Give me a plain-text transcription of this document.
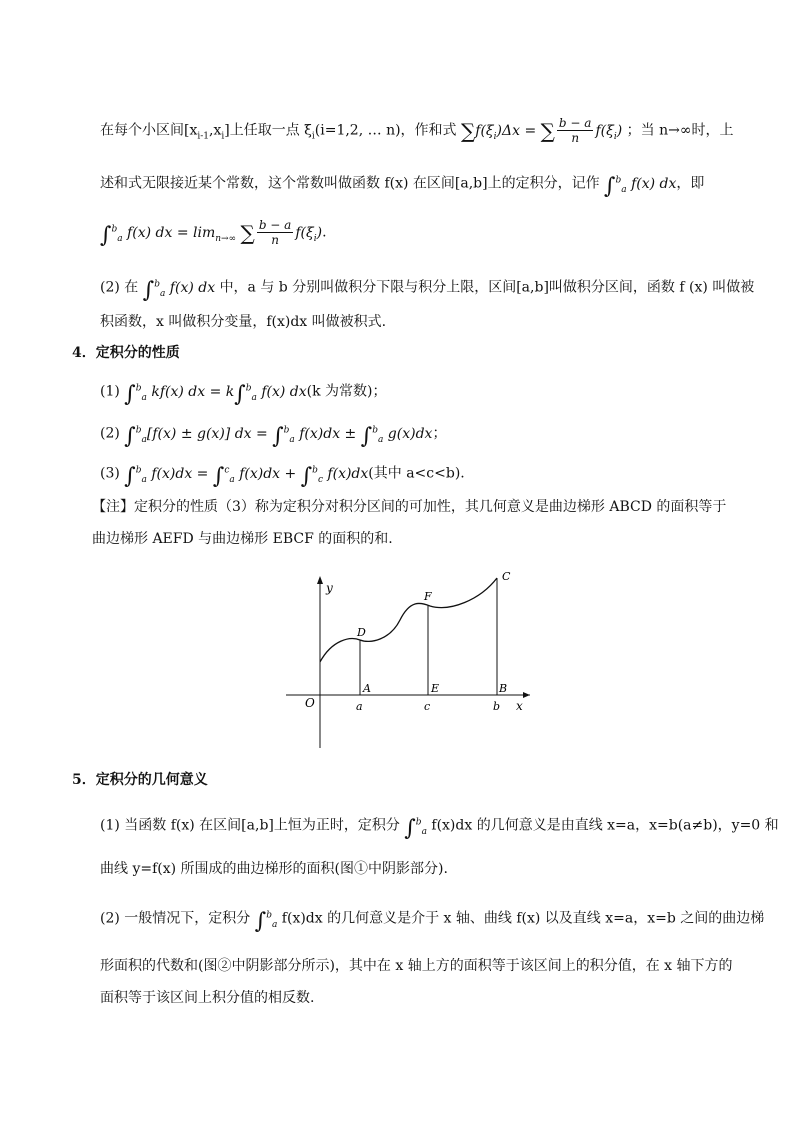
在每个小区间$[x_{i-1},x_i]$上任取一点 $\xi_i(i=1,2$, … n)，作和式 $\sum f(\xi_i)\Delta x$ = ∑ $\frac{b - a}{n} f(\xi_i)$ ；当 n→∞时，上
述和式无限接近某个常数，这个常数叫做函数 f(x) 在区间[a,b]上的定积分，记作 ∫$^b_a$ f(x) dx，即
∫$^b_a$ f(x) dx = $\lim_{n\to\infty}$ ∑ $\frac{b - a}{n} f(\xi_i)$.
(2) 在 ∫$^b_a$ f(x) dx 中，a 与 b 分别叫做积分下限与积分上限，区间[a,b]叫做积分区间，函数 f (x) 叫做被
积函数，x 叫做积分变量，f(x)dx 叫做被积式.
4．定积分的性质
(1) ∫$^b_a$ kf(x) dx = k∫$^b_a$ f(x) dx(k 为常数)；
(2) ∫$^b_a$[f(x) ± g(x)] dx = ∫$^b_a$ f(x)dx ± ∫$^b_a$ g(x)dx；
(3) ∫$^b_a$ f(x)dx = ∫$^c_a$ f(x)dx + ∫$^b_c$ f(x)dx(其中 a<c<b).
【注】定积分的性质（3）称为定积分对积分区间的可加性，其几何意义是曲边梯形 ABCD 的面积等于
曲边梯形 AEFD 与曲边梯形 EBCF 的面积的和.
y
x
O
A	E	B
D
F
C
a	c	b
5．定积分的几何意义
(1) 当函数 f(x) 在区间[a,b]上恒为正时，定积分 ∫$^b_a$ f(x)dx 的几何意义是由直线 x=a，x=b(a≠b)，y=0 和
曲线 y=f(x) 所围成的曲边梯形的面积(图①中阴影部分).
(2) 一般情况下，定积分 ∫$^b_a$ f(x)dx 的几何意义是介于 x 轴、曲线 f(x) 以及直线 x=a，x=b 之间的曲边梯
形面积的代数和(图②中阴影部分所示)，其中在 x 轴上方的面积等于该区间上的积分值，在 x 轴下方的
面积等于该区间上积分值的相反数.
